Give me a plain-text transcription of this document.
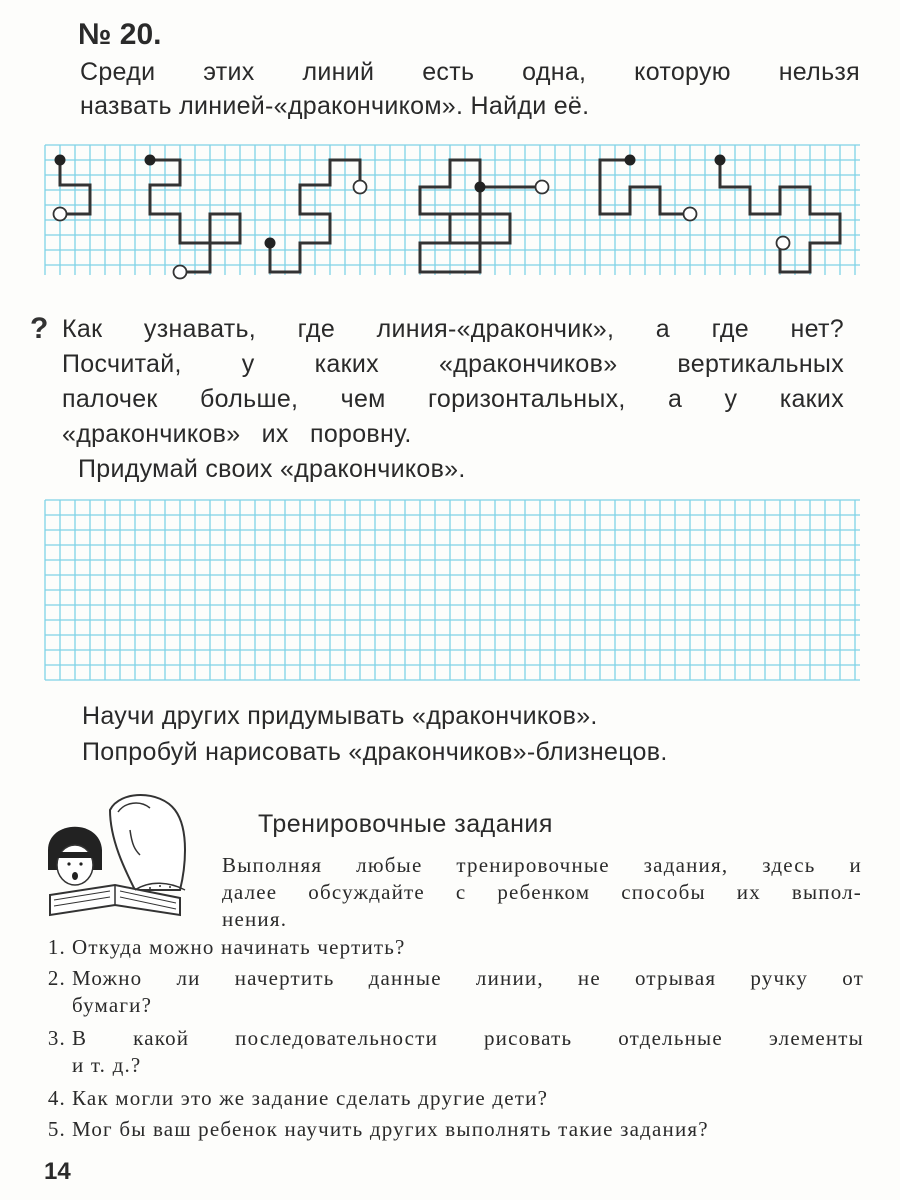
№ 20.
Среди этих линий есть одна, которую нельзя
назвать линией-«дракончиком». Найди её.
? Как узнавать, где линия-«дракончик», а где нет?
Посчитай, у каких «дракончиков» вертикальных
палочек больше, чем горизонтальных, а у каких
«дракончиков» их поровну.
Придумай своих «дракончиков».
Научи других придумывать «дракончиков».
Попробуй нарисовать «дракончиков»-близнецов.
Тренировочные задания
Выполняя любые тренировочные задания, здесь и
далее обсуждайте с ребенком способы их выпол-
нения.
1. Откуда можно начинать чертить?
2. Можно ли начертить данные линии, не отрывая ручку от
бумаги?
3. В какой последовательности рисовать отдельные элементы
и т. д.?
4. Как могли это же задание сделать другие дети?
5. Мог бы ваш ребенок научить других выполнять такие задания?
14
